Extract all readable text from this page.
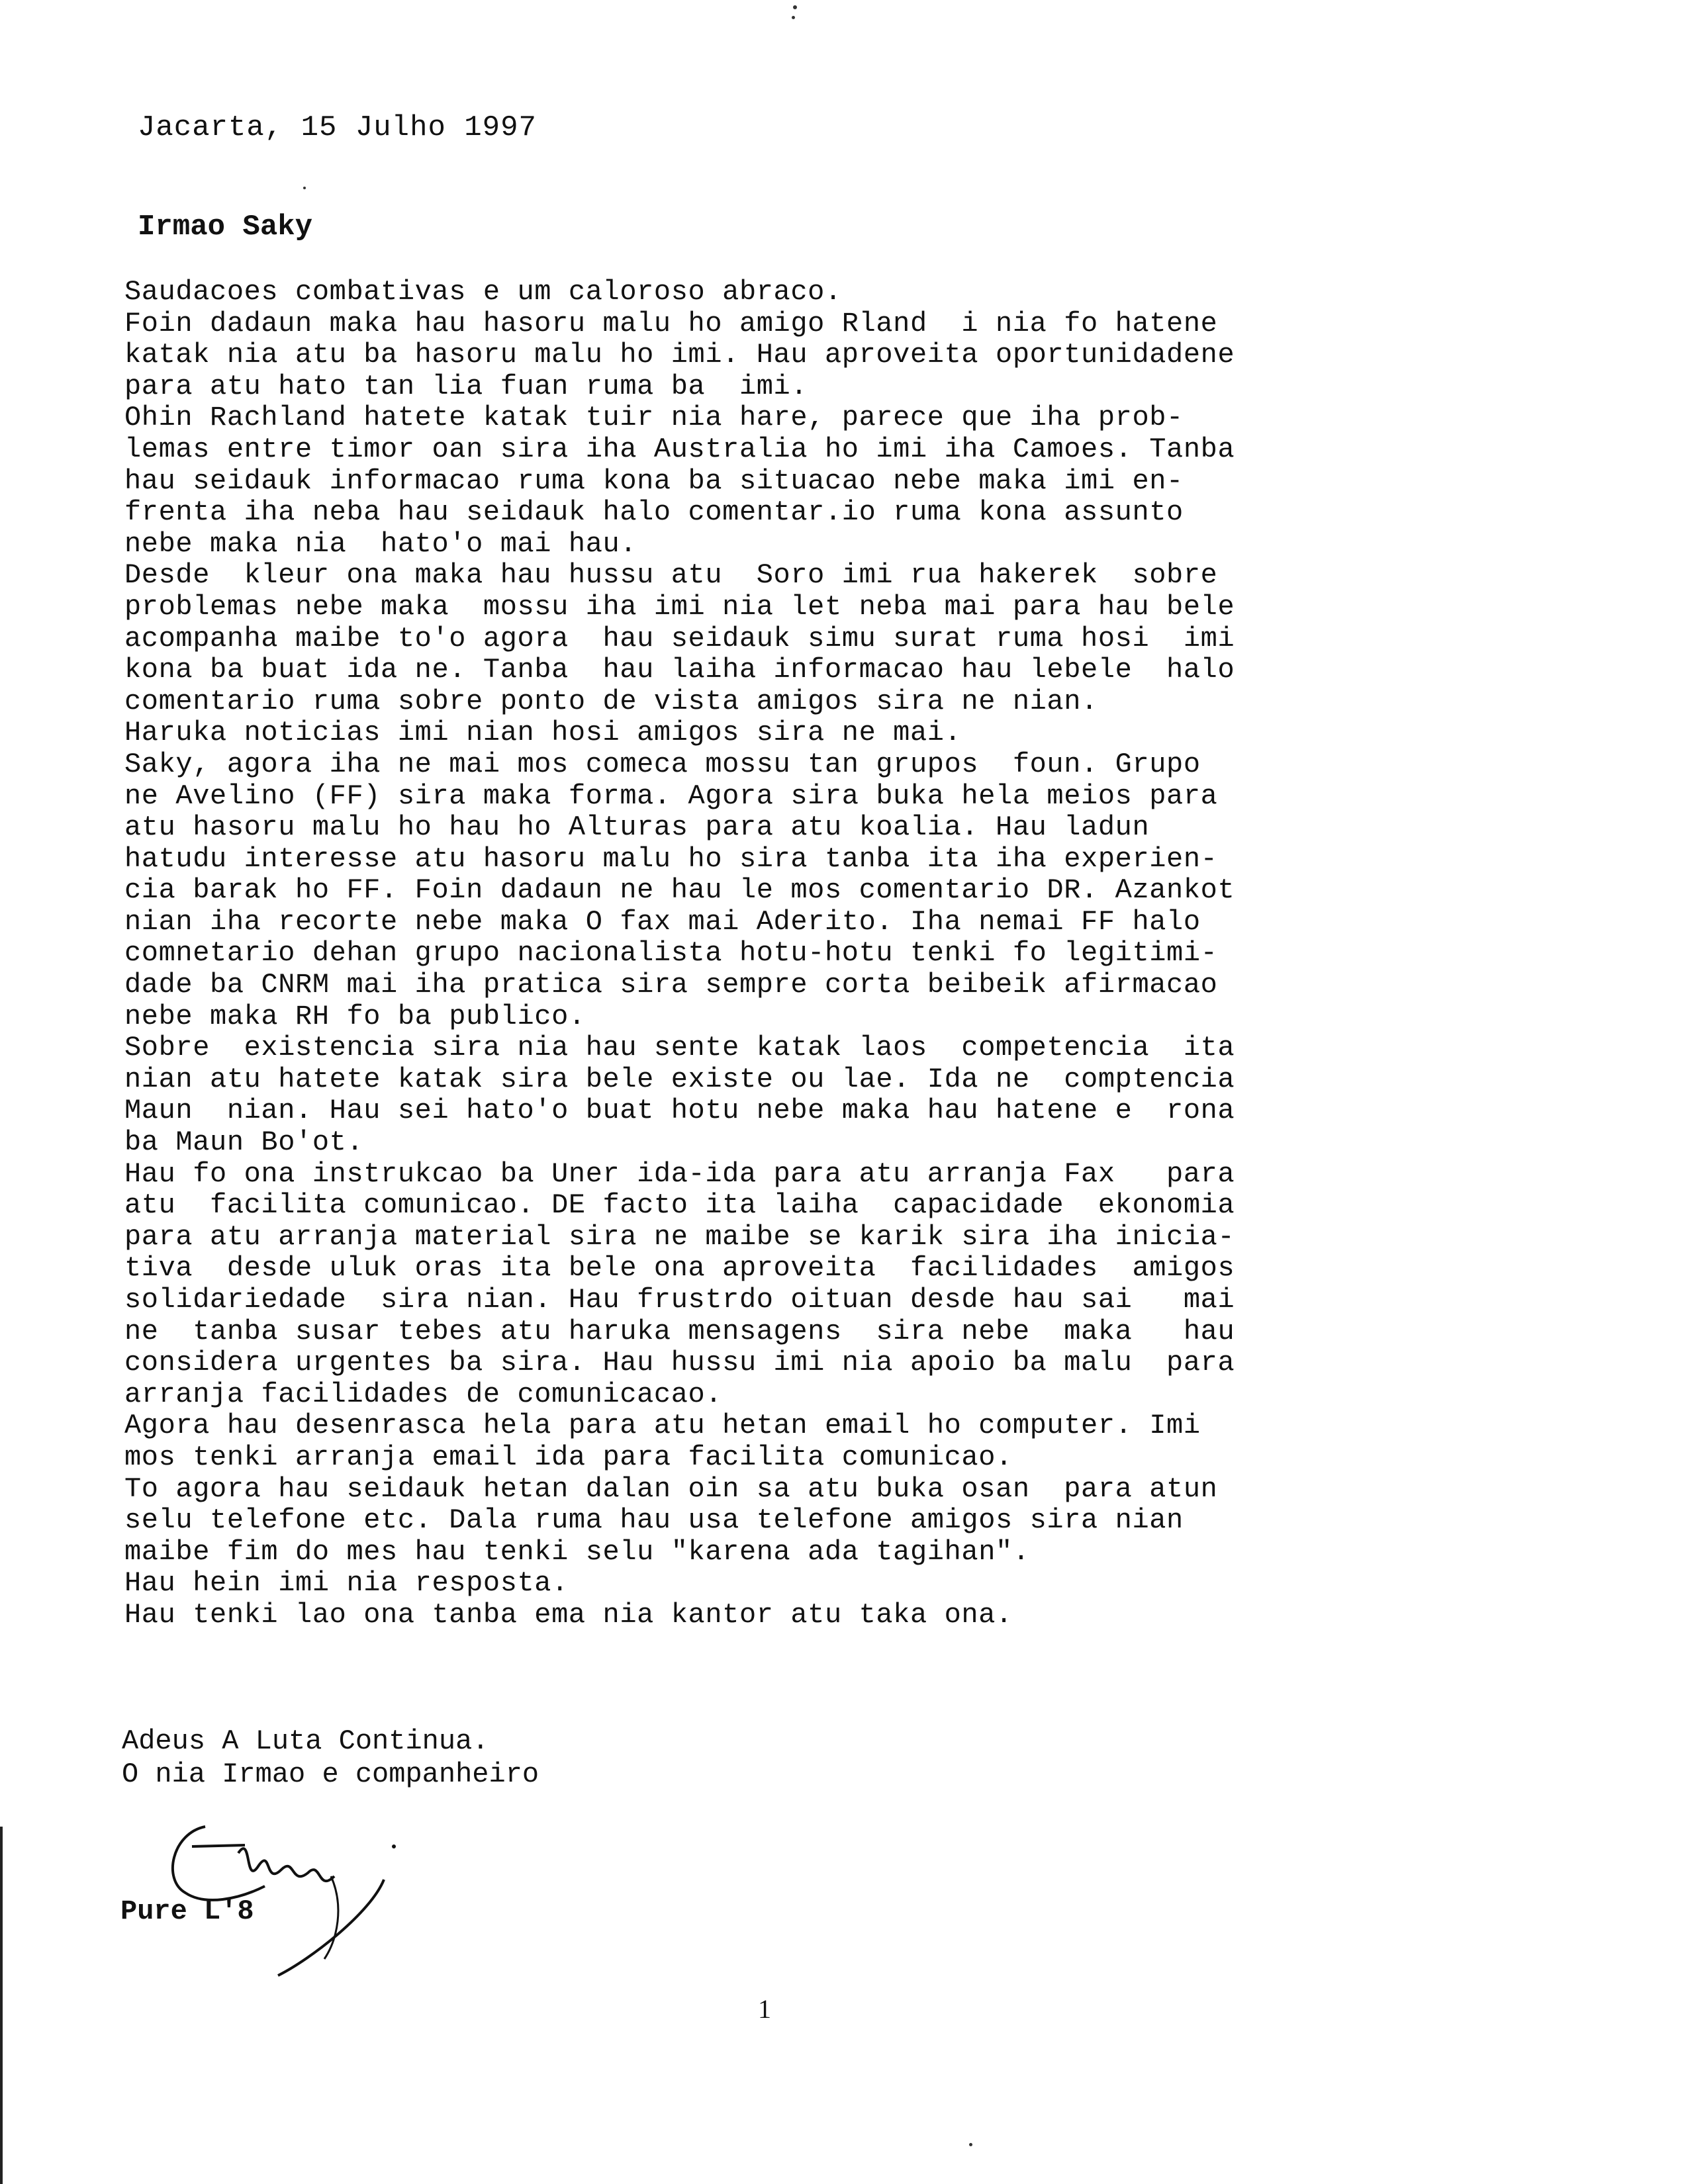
Jacarta, 15 Julho 1997
Irmao Saky
Saudacoes combativas e um caloroso abraco.
Foin dadaun maka hau hasoru malu ho amigo Rland  i nia fo hatene
katak nia atu ba hasoru malu ho imi. Hau aproveita oportunidadene
para atu hato tan lia fuan ruma ba  imi.
Ohin Rachland hatete katak tuir nia hare, parece que iha prob-
lemas entre timor oan sira iha Australia ho imi iha Camoes. Tanba
hau seidauk informacao ruma kona ba situacao nebe maka imi en-
frenta iha neba hau seidauk halo comentar.io ruma kona assunto
nebe maka nia  hato'o mai hau.
Desde  kleur ona maka hau hussu atu  Soro imi rua hakerek  sobre
problemas nebe maka  mossu iha imi nia let neba mai para hau bele
acompanha maibe to'o agora  hau seidauk simu surat ruma hosi  imi
kona ba buat ida ne. Tanba  hau laiha informacao hau lebele  halo
comentario ruma sobre ponto de vista amigos sira ne nian.
Haruka noticias imi nian hosi amigos sira ne mai.
Saky, agora iha ne mai mos comeca mossu tan grupos  foun. Grupo
ne Avelino (FF) sira maka forma. Agora sira buka hela meios para
atu hasoru malu ho hau ho Alturas para atu koalia. Hau ladun
hatudu interesse atu hasoru malu ho sira tanba ita iha experien-
cia barak ho FF. Foin dadaun ne hau le mos comentario DR. Azankot
nian iha recorte nebe maka O fax mai Aderito. Iha nemai FF halo
comnetario dehan grupo nacionalista hotu-hotu tenki fo legitimi-
dade ba CNRM mai iha pratica sira sempre corta beibeik afirmacao
nebe maka RH fo ba publico.
Sobre  existencia sira nia hau sente katak laos  competencia  ita
nian atu hatete katak sira bele existe ou lae. Ida ne  comptencia
Maun  nian. Hau sei hato'o buat hotu nebe maka hau hatene e  rona
ba Maun Bo'ot.
Hau fo ona instrukcao ba Uner ida-ida para atu arranja Fax   para
atu  facilita comunicao. DE facto ita laiha  capacidade  ekonomia
para atu arranja material sira ne maibe se karik sira iha inicia-
tiva  desde uluk oras ita bele ona aproveita  facilidades  amigos
solidariedade  sira nian. Hau frustrdo oituan desde hau sai   mai
ne  tanba susar tebes atu haruka mensagens  sira nebe  maka   hau
considera urgentes ba sira. Hau hussu imi nia apoio ba malu  para
arranja facilidades de comunicacao.
Agora hau desenrasca hela para atu hetan email ho computer. Imi
mos tenki arranja email ida para facilita comunicao.
To agora hau seidauk hetan dalan oin sa atu buka osan  para atun
selu telefone etc. Dala ruma hau usa telefone amigos sira nian
maibe fim do mes hau tenki selu "karena ada tagihan".
Hau hein imi nia resposta.
Hau tenki lao ona tanba ema nia kantor atu taka ona.
Adeus A Luta Continua.
O nia Irmao e companheiro
Pure L'8
1
